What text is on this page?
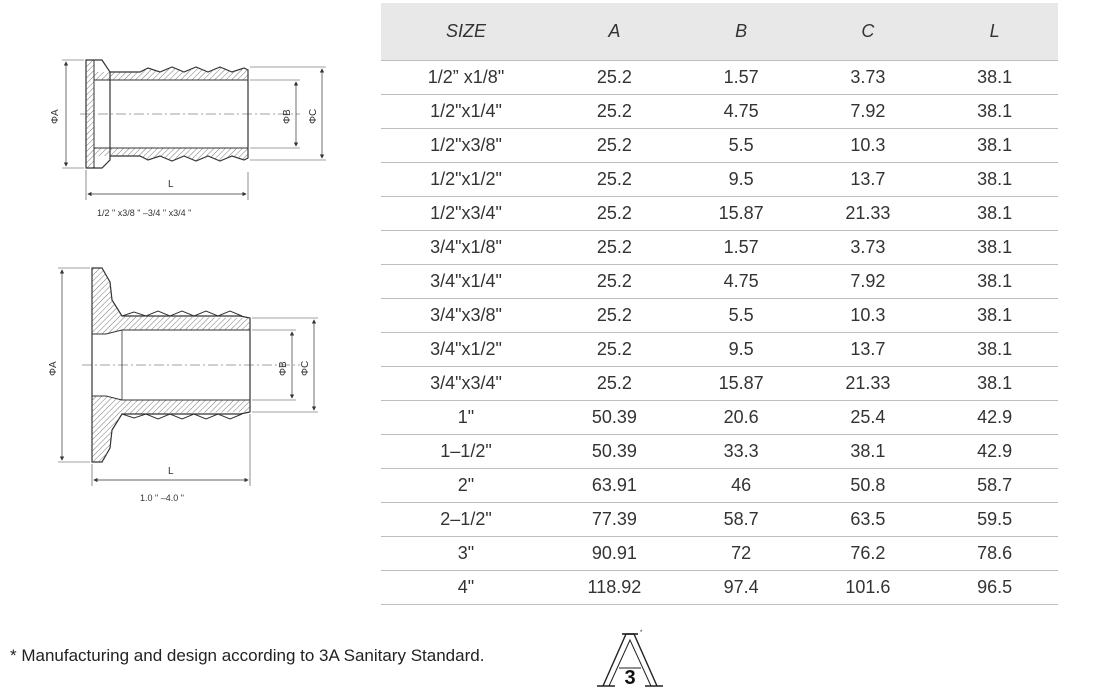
ΦA	ΦB ΦC
L
ΦA	ΦB ΦC
L
1/2 " x3/8 " –3/4 " x3/4 "
1.0 " –4.0 "
SIZE	A	B	C	L
1/2” x1/8"	25.2	1.57	3.73	38.1
1/2"x1/4"	25.2	4.75	7.92	38.1
1/2"x3/8"	25.2	5.5	10.3	38.1
1/2"x1/2"	25.2	9.5	13.7	38.1
1/2"x3/4"	25.2	15.87	21.33	38.1
3/4"x1/8"	25.2	1.57	3.73	38.1
3/4"x1/4"	25.2	4.75	7.92	38.1
3/4"x3/8"	25.2	5.5	10.3	38.1
3/4"x1/2"	25.2	9.5	13.7	38.1
3/4"x3/4"	25.2	15.87	21.33	38.1
1"	50.39	20.6	25.4	42.9
1–1/2"	50.39	33.3	38.1	42.9
2"	63.91	46	50.8	58.7
2–1/2"	77.39	58.7	63.5	59.5
3"	90.91	72	76.2	78.6
4"	118.92	97.4	101.6	96.5
* Manufacturing and design according to 3A Sanitary Standard.
*
3
